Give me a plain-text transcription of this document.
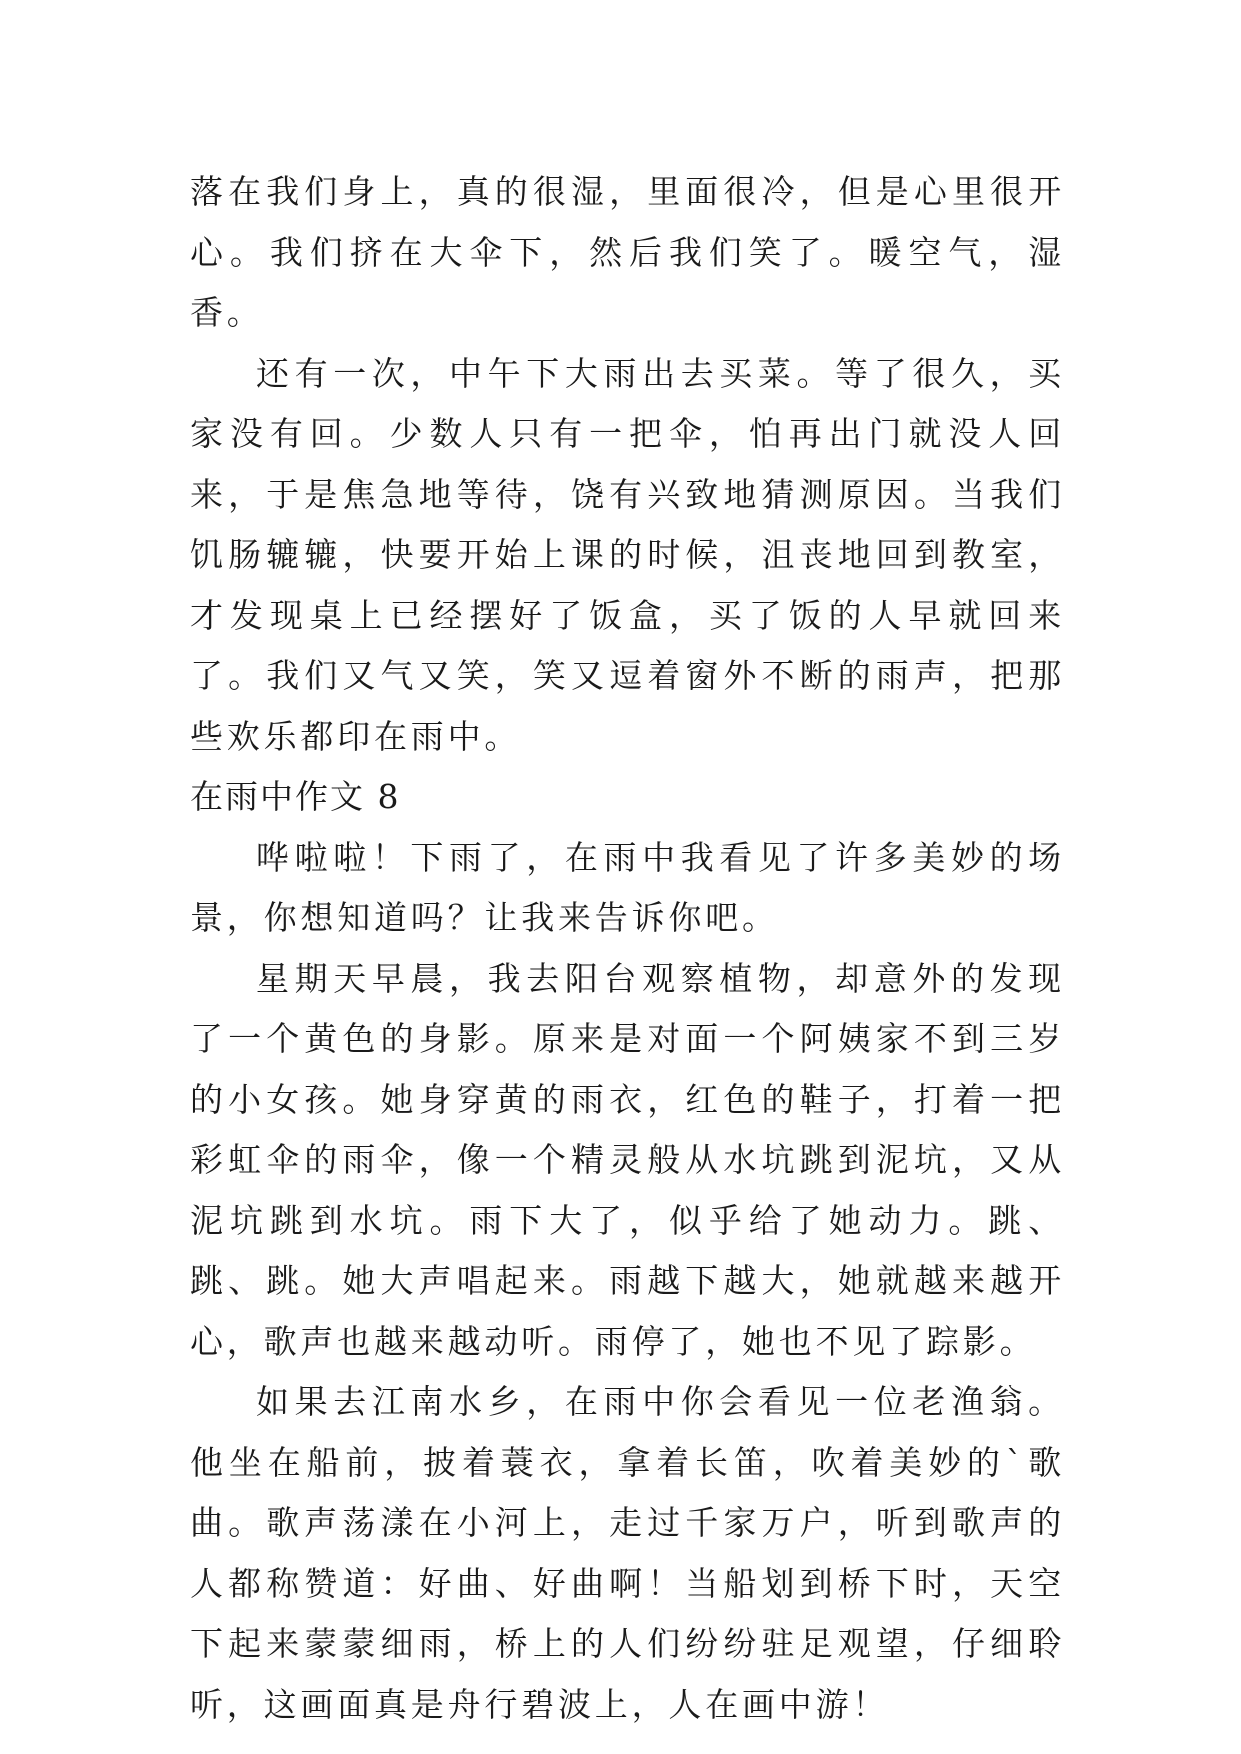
落在我们身上，真的很湿，里面很冷，但是心里很开心。我们挤在大伞下，然后我们笑了。暖空气，湿香。

还有一次，中午下大雨出去买菜。等了很久，买家没有回。少数人只有一把伞，怕再出门就没人回来，于是焦急地等待，饶有兴致地猜测原因。当我们饥肠辘辘，快要开始上课的时候，沮丧地回到教室，才发现桌上已经摆好了饭盒，买了饭的人早就回来了。我们又气又笑，笑又逗着窗外不断的雨声，把那些欢乐都印在雨中。

在雨中作文 8

哗啦啦！下雨了，在雨中我看见了许多美妙的场景，你想知道吗？让我来告诉你吧。

星期天早晨，我去阳台观察植物，却意外的发现了一个黄色的身影。原来是对面一个阿姨家不到三岁的小女孩。她身穿黄的雨衣，红色的鞋子，打着一把彩虹伞的雨伞，像一个精灵般从水坑跳到泥坑，又从泥坑跳到水坑。雨下大了，似乎给了她动力。跳、跳、跳。她大声唱起来。雨越下越大，她就越来越开心，歌声也越来越动听。雨停了，她也不见了踪影。

如果去江南水乡，在雨中你会看见一位老渔翁。他坐在船前，披着蓑衣，拿着长笛，吹着美妙的`歌曲。歌声荡漾在小河上，走过千家万户，听到歌声的人都称赞道：好曲、好曲啊！当船划到桥下时，天空下起来蒙蒙细雨，桥上的人们纷纷驻足观望，仔细聆听，这画面真是舟行碧波上，人在画中游！
